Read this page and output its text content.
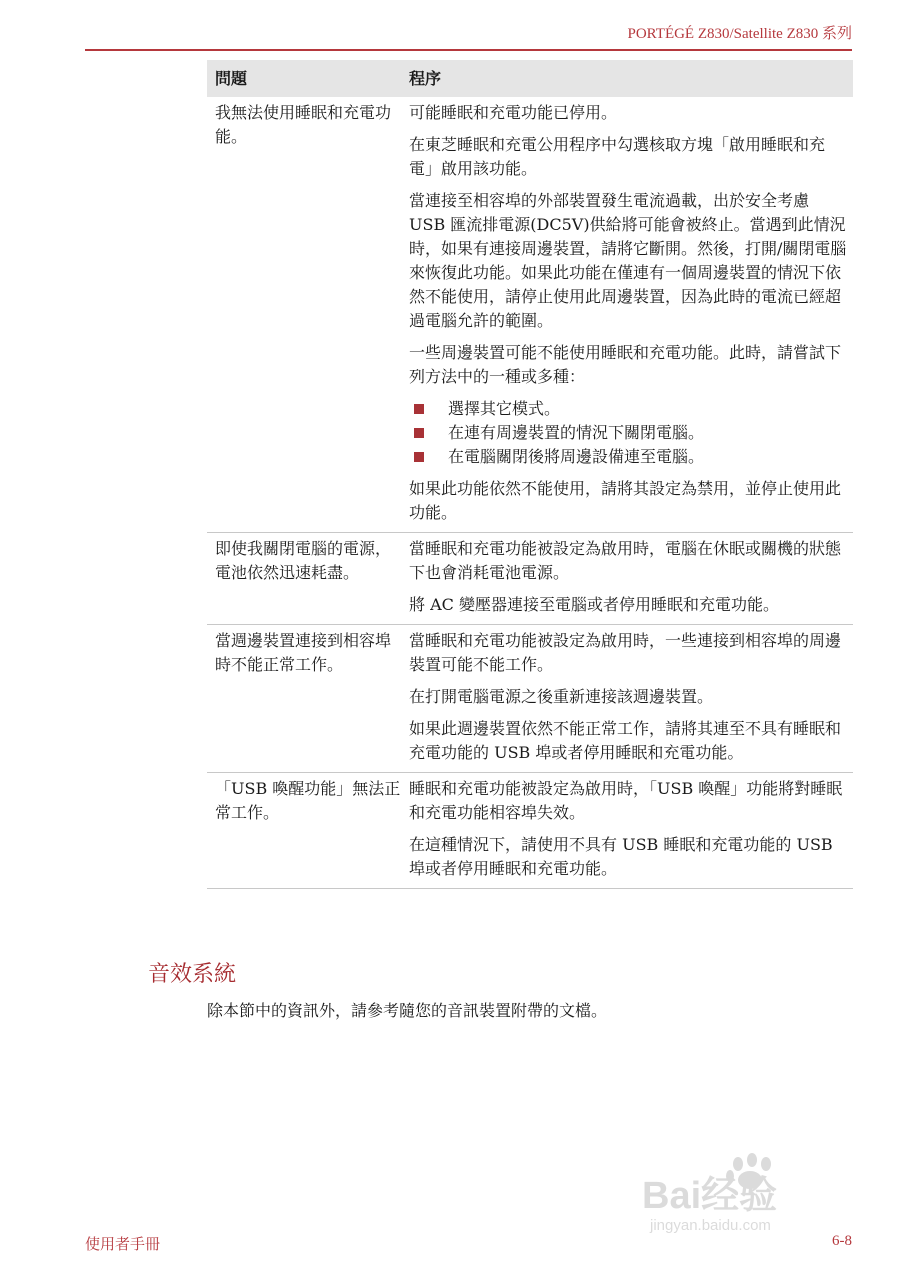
PORTÉGÉ Z830/Satellite Z830 系列
問題	程序
我無法使用睡眠和充電功能。

可能睡眠和充電功能已停用。

在東芝睡眠和充電公用程序中勾選核取方塊「啟用睡眠和充電」啟用該功能。

當連接至相容埠的外部裝置發生電流過載，出於安全考慮 USB 匯流排電源(DC5V)供給將可能會被終止。當遇到此情況時，如果有連接周邊裝置，請將它斷開。然後，打開/關閉電腦來恢復此功能。如果此功能在僅連有一個周邊裝置的情況下依然不能使用，請停止使用此周邊裝置，因為此時的電流已經超過電腦允許的範圍。

一些周邊裝置可能不能使用睡眠和充電功能。此時，請嘗試下列方法中的一種或多種：

選擇其它模式。
在連有周邊裝置的情況下關閉電腦。
在電腦關閉後將周邊設備連至電腦。

如果此功能依然不能使用，請將其設定為禁用，並停止使用此功能。

即使我關閉電腦的電源，電池依然迅速耗盡。

當睡眠和充電功能被設定為啟用時，電腦在休眠或關機的狀態下也會消耗電池電源。

將 AC 變壓器連接至電腦或者停用睡眠和充電功能。

當週邊裝置連接到相容埠時不能正常工作。

當睡眠和充電功能被設定為啟用時，一些連接到相容埠的周邊裝置可能不能工作。

在打開電腦電源之後重新連接該週邊裝置。

如果此週邊裝置依然不能正常工作，請將其連至不具有睡眠和充電功能的 USB 埠或者停用睡眠和充電功能。

「USB 喚醒功能」無法正常工作。

睡眠和充電功能被設定為啟用時，「USB 喚醒」功能將對睡眠和充電功能相容埠失效。

在這種情況下，請使用不具有 USB 睡眠和充電功能的 USB 埠或者停用睡眠和充電功能。

音效系統

除本節中的資訊外，請參考隨您的音訊裝置附帶的文檔。

Bai经验
jingyan.baidu.com
使用者手冊	6-8
